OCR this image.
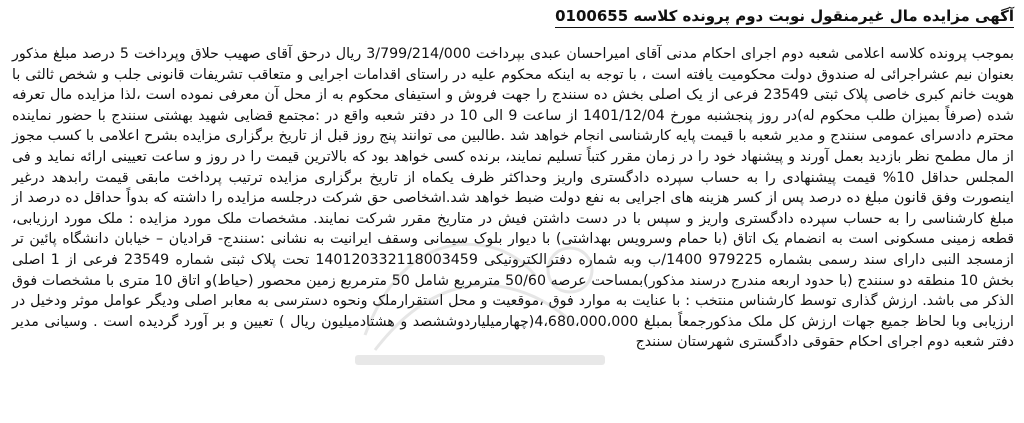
آگهی مزایده مال غیرمنقول نوبت دوم پرونده کلاسه 0100655
بموجب پرونده کلاسه اعلامی شعبه دوم اجرای احکام مدنی آقای امیراحسان عبدی بپرداخت 3/799/214/000 ریال درحق آقای صهیب حلاق وپرداخت 5 درصد مبلغ مذکور بعنوان نیم عشراجرائی له صندوق دولت محکومیت یافته است ، با توجه به اینکه محکوم علیه در راستای اقدامات اجرایی و متعاقب تشریفات قانونی جلب و شخص ثالثی با هویت خانم کبری خاصی پلاک ثبتی 23549 فرعی از یک اصلی بخش ده سنندج را جهت فروش و استیفای محکوم به از محل آن معرفی نموده است ،لذا مزایده مال تعرفه شده (صرفاً بمیزان طلب محکوم له)در روز پنجشنبه مورخ 1401/12/04 از ساعت 9 الی 10 در دفتر شعبه واقع در :مجتمع قضایی شهید بهشتی سنندج با حضور نماینده محترم دادسرای عمومی سنندج و مدیر شعبه با قیمت پایه کارشناسی انجام خواهد شد .طالبین می توانند پنج روز قبل از تاریخ برگزاری مزایده بشرح اعلامی با کسب مجوز از مال مطمح نظر بازدید بعمل آورند و پیشنهاد خود را در زمان مقرر کتباً تسلیم نمایند، برنده کسی خواهد بود که بالاترین قیمت را در روز و ساعت تعیینی ارائه نماید و فی المجلس حداقل 10% قیمت پیشنهادی را به حساب سپرده دادگستری واریز وحداکثر ظرف یکماه از تاریخ برگزاری مزایده ترتیب پرداخت مابقی قیمت رابدهد درغیر اینصورت وفق قانون مبلغ ده درصد پس از کسر هزینه های اجرایی به نفع دولت ضبط خواهد شد.اشخاصی حق شرکت درجلسه مزایده را داشته که بدواً حداقل ده درصد از مبلغ کارشناسی را به حساب سپرده دادگستری واریز و سپس با در دست داشتن فیش در متاریخ مقرر شرکت نمایند. مشخصات ملک مورد مزایده : ملک مورد ارزیابی، قطعه زمینی مسکونی است به انضمام یک اتاق (با حمام وسرویس بهداشتی) با دیوار بلوک سیمانی وسقف ایرانیت به نشانی :سنندج- قرادیان – خیابان دانشگاه پائین تر ازمسجد النبی دارای سند رسمی بشماره 979225 1400/ب وبه شماره دفترالکترونیکی 140120332118003459 تحت پلاک ثبتی شماره 23549 فرعی از 1 اصلی بخش 10 منطقه دو سنندج (با حدود اربعه مندرج درسند مذکور)بمساحت عرصه 50/60 مترمربع شامل 50 مترمربع زمین محصور (حیاط)و اتاق 10 متری با مشخصات فوق الذکر می باشد. ارزش گذاری توسط کارشناس منتخب : با عنایت به موارد فوق ،موقعیت و محل استقرارملک ونحوه دسترسی به معابر اصلی ودیگر عوامل موثر ودخیل در ارزیابی وبا لحاظ جمیع جهات ارزش کل ملک مذکورجمعاً بمبلغ 4،680،000،000(چهارمیلیاردوششصد و هشتادمیلیون ریال ) تعیین و بر آورد گردیده است . وسیانی مدیر دفتر شعبه دوم اجرای احکام حقوقی دادگستری شهرستان سنندج
